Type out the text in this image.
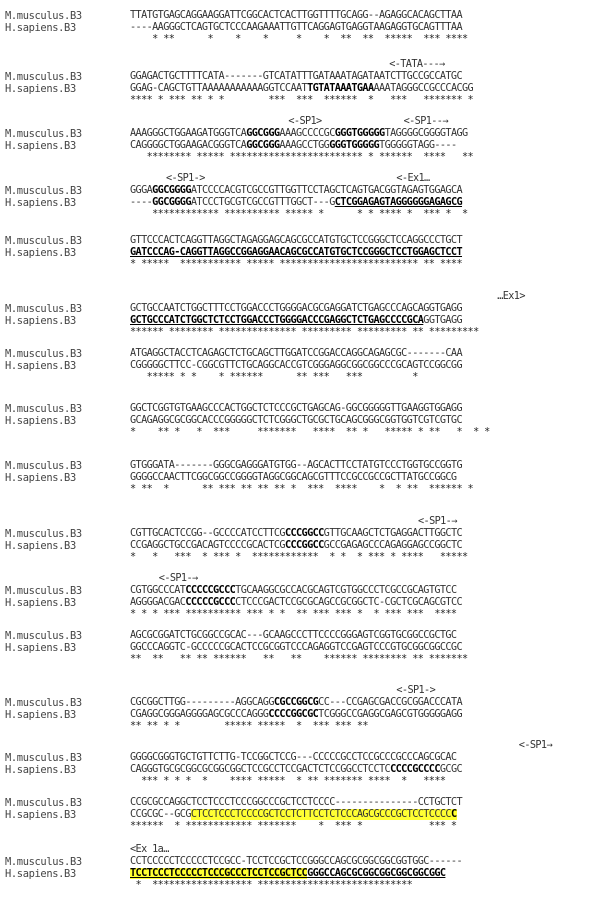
M.musculus.B3	TTATGTGAGCAGGAAGGATTCGGCACTCACTTGGTTTTGCAGG--AGAGGCACAGCTTAA
H.sapiens.B3	----AAGGGCTCAGTGCTCCCAAGAAATTGTTCAGGAGTGAGGTAAGAGGTGCAGTTTAA
* **      *    *    *     *    *  **  **  *****  *** ****
<-TATA---→
M.musculus.B3	GGAGACTGCTTTTCATA-------GTCATATTTGATAAATAGATAATCTTGCCGCCATGC
H.sapiens.B3	GGAG-CAGCTGTTAAAAAAAAAAAGGTCCAATTGTATAAATGAAAAATAGGGCCGCCCACGG
**** * *** ** * *        ***  ***  ******  *   ***   ******* *
<-SP1>	<-SP1--→
M.musculus.B3	AAAGGGCTGGAAGATGGGTCAGGCGGGAAAGCCCCGCGGGTGGGGGTAGGGGCGGGGTAGG
H.sapiens.B3	CAGGGGCTGGAAGACGGGTCAGGCGGGAAAGCCTGGGGGTGGGGGTGGGGGTAGG----
******** ***** ************************ * ******  ****   **
<-SP1->	<-Ex1…
M.musculus.B3	GGGAGGCGGGGATCCCCACGTCGCCGTTGGTTCCTAGCTCAGTGACGGTAGAGTGGAGCA
H.sapiens.B3	----GGCGGGGATCCCTGCGTCGCCGTTTGGCT---GCTCGGAGAGTAGGGGGGAGAGCG
************ ********** ***** *      * * **** *  *** *  *
M.musculus.B3	GTTCCCACTCAGGTTAGGCTAGAGGAGCAGCGCCATGTGCTCCGGGCTCCAGGCCCTGCT
H.sapiens.B3	GATCCCAG-CAGGTTAGGCCGGAGGAACAGCGCCATGTGCTCCGGGCTCCTGGAGCTCCT
* *****  *********** ***** ************************* ** ****
…Ex1>
M.musculus.B3	GCTGCCAATCTGGCTTTCCTGGACCCTGGGGACGCGAGGATCTGAGCCCAGCAGGTGAGG
H.sapiens.B3	GCTGCCCATCTGGCTCTCCTGGACCCTGGGGACCCGAGGCTCTGAGCCCCGCAGGTGAGG
****** ******** ************** ********* ********* ** *********
M.musculus.B3	ATGAGGCTACCTCAGAGCTCTGCAGCTTGGATCCGGACCAGGCAGAGCGC-------CAA
H.sapiens.B3	CGGGGGCTTCC-CGGCGTTCTGCAGGCACCGTCGGGAGGCGGCGGCCCGCAGTCCGGCGG
***** * *    * ******      ** ***   ***         *
M.musculus.B3	GGCTCGGTGTGAAGCCCACTGGCTCTCCCGCTGAGCAG-GGCGGGGGTTGAAGGTGGAGG
H.sapiens.B3	GCAGAGGCGCGGCACCCGGGGGCTCTCGGGCTGCGCTGCAGCGGGCGGTGGTCGTCGTGC
*    ** *   *  ***     *******   ****  ** *   ***** * **   *  * *
M.musculus.B3	GTGGGATA-------GGGCGAGGGATGTGG--AGCACTTCCTATGTCCCTGGTGCCGGTG
H.sapiens.B3	GGGGCCAACTTCGGCGGCCGGGGTAGGCGGCAGCGTTTCCGCCGCCGCTTATGCCGGCG
* **  *      ** *** ** ** ** *  ***  ****    *  * **  ****** *
<-SP1-→
M.musculus.B3	CGTTGCACTCCGG--GCCCCATCCTTCGCCCGGCCGTTGCAAGCTCTGAGGACTTGGCTC
H.sapiens.B3	CCGAGGCTGCCGACAGTCCCCGCACTCGCCCGGCCGCCGAGAGCCCAGAGGAGCCGGCTC
*   *   ***  * *** *  ************  * *  * *** * ****   *****
<-SP1-→
M.musculus.B3	CGTGGCCCATCCCCCGCCCTGCAAGGCGCCACGCAGTCGTGGCCCTCGCCGCAGTGTCC
H.sapiens.B3	AGGGGACGACCCCCCGCCCCTCCCGACTCCGCGCAGCCGCGGCTC-CGCTCGCAGCGTCC
* * * *** ********** *** * *  ** *** *** *  * *** ***  ****
M.musculus.B3	AGCGCGGATCTGCGGCCGCAC---GCAAGCCCTTCCCCGGGAGTCGGTGCGGCCGCTGC
H.sapiens.B3	GGCCCAGGTC-GCCCCCGCACTCCGCGGTCCCAGAGGTCCGAGTCCCGTGCGGCGGCCGC
**  **   ** ** ******   **   **    ****** ******** ** *******
<-SP1->
M.musculus.B3	CGCGGCTTGG---------AGGCAGGCGCCGGCGCC---CCGAGCGACCGCGGACCCATA
H.sapiens.B3	CGAGGCGGGAGGGGAGCGCCCAGGGCCCCGGCGCTCGGGCCGAGGCGAGCGTGGGGGAGG
** ** * *        ***** *****  *  *** *** **
<-SP1→
M.musculus.B3	GGGGCGGGTGCTGTTCTTG-TCCGGCTCCG---CCCCCGCCTCCGCCCGCCCAGCGCAC
H.sapiens.B3	CAGGGTGCGCGGCGCGGCGGCTCCGCCTCCGACTCTCCGGCCTCCTCCCCCGCCCCGCGC
*** * * *  *    **** *****  * ** ******* ****  *   ****
M.musculus.B3	CCGCGCCAGGCTCCTCCCTCCCGGCCCGCTCCTCCCC---------------CCTGCTCT
H.sapiens.B3	CCGCGC--GCGCTCCTCCCTCCCCGCTCCTCTTCCTCTCCCAGCGCCCGCTCCTCCCCC
******  * ************ *******    *  *** *            *** *
<Ex 1a…
M.musculus.B3	CCTCCCCCTCCCCCTCCGCC-TCCTCCGCTCCGGGCCAGCGCGGCGGCGGTGGC------
H.sapiens.B3	TCCTCCCTCCCCCTCCCGCCCTCCTCCGCTCCGGGCCAGCGCGGCGGCGGCGGCGGC
*  ****************** ****************************
